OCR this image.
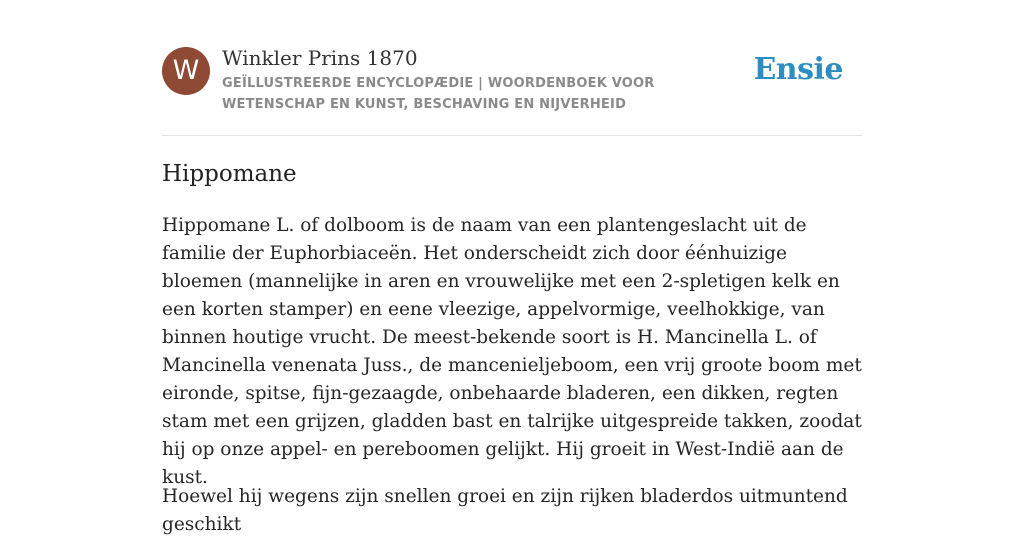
W	Winkler Prins 1870
GEÏLLUSTREERDE ENCYCLOPÆDIE | WOORDENBOEK VOOR WETENSCHAP EN KUNST, BESCHAVING EN NIJVERHEID
Ensie
Hippomane

Hippomane L. of dolboom is de naam van een plantengeslacht uit de familie der Euphorbiaceën. Het onderscheidt zich door éénhuizige bloemen (mannelijke in aren en vrouwelijke met een 2-spletigen kelk en een korten stamper) en eene vleezige, appelvormige, veelhokkige, van binnen houtige vrucht. De meest-bekende soort is H. Mancinella L. of Mancinella venenata Juss., de mancenieljeboom, een vrij groote boom met eironde, spitse, fijn-gezaagde, onbehaarde bladeren, een dikken, regten stam met een grijzen, gladden bast en talrijke uitgespreide takken, zoodat hij op onze appel- en pereboomen gelijkt. Hij groeit in West-Indië aan de kust.

Hoewel hij wegens zijn snellen groei en zijn rijken bladerdos uitmuntend geschikt
